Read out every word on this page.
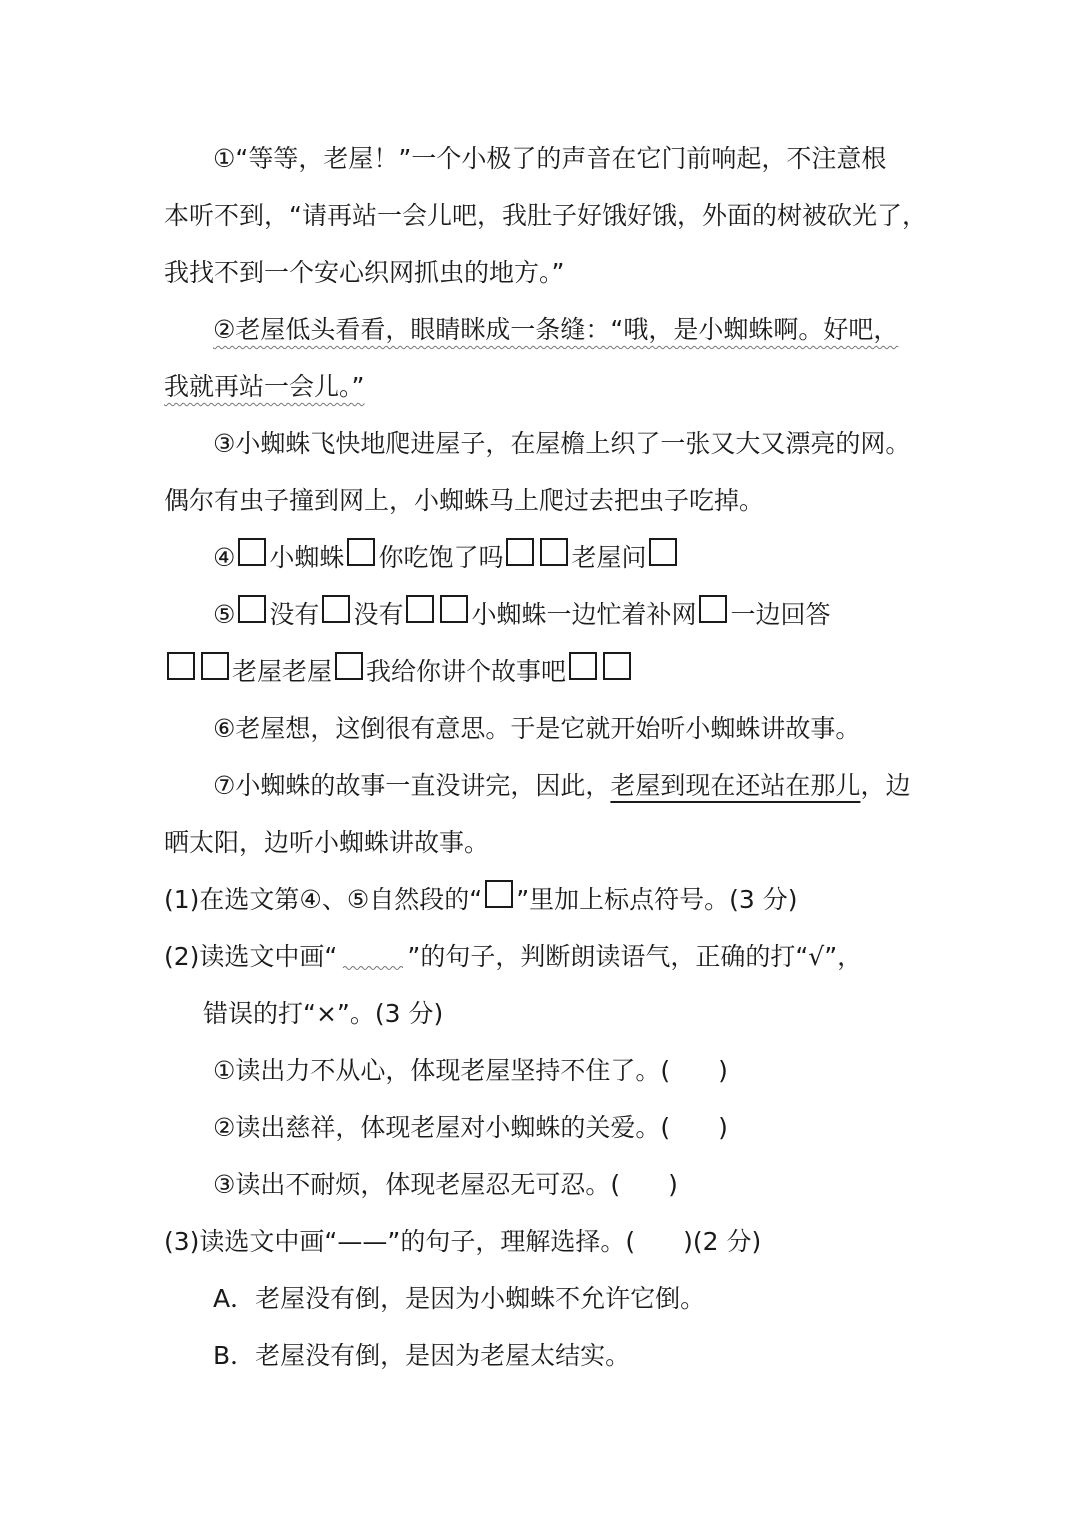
①“等等，老屋！”一个小极了的声音在它门前响起，不注意根
本听不到，“请再站一会儿吧，我肚子好饿好饿，外面的树被砍光了，
我找不到一个安心织网抓虫的地方。”
②老屋低头看看，眼睛眯成一条缝：“哦，是小蜘蛛啊。好吧，
我就再站一会儿。”
③小蜘蛛飞快地爬进屋子，在屋檐上织了一张又大又漂亮的网。
偶尔有虫子撞到网上，小蜘蛛马上爬过去把虫子吃掉。
④ 小蜘蛛 你吃饱了吗	老屋问
⑤ 没有 没有	小蜘蛛一边忙着补网 一边回答
老屋老屋 我给你讲个故事吧
⑥老屋想，这倒很有意思。于是它就开始听小蜘蛛讲故事。
⑦小蜘蛛的故事一直没讲完，因此， 老屋到现在还站在那儿 ，边
晒太阳，边听小蜘蛛讲故事。
(1)在选文第④、⑤自然段的“ ”里加上标点符号。(3 分)
(2)读选文中画“	”的句子，判断朗读语气，正确的打“√”，
错误的打“×”。(3 分)
①读出力不从心，体现老屋坚持不住了。( )
②读出慈祥，体现老屋对小蜘蛛的关爱。( )
③读出不耐烦，体现老屋忍无可忍。( )
(3)读选文中画“——”的句子，理解选择。( )(2 分)
A．老屋没有倒，是因为小蜘蛛不允许它倒。
B．老屋没有倒，是因为老屋太结实。
